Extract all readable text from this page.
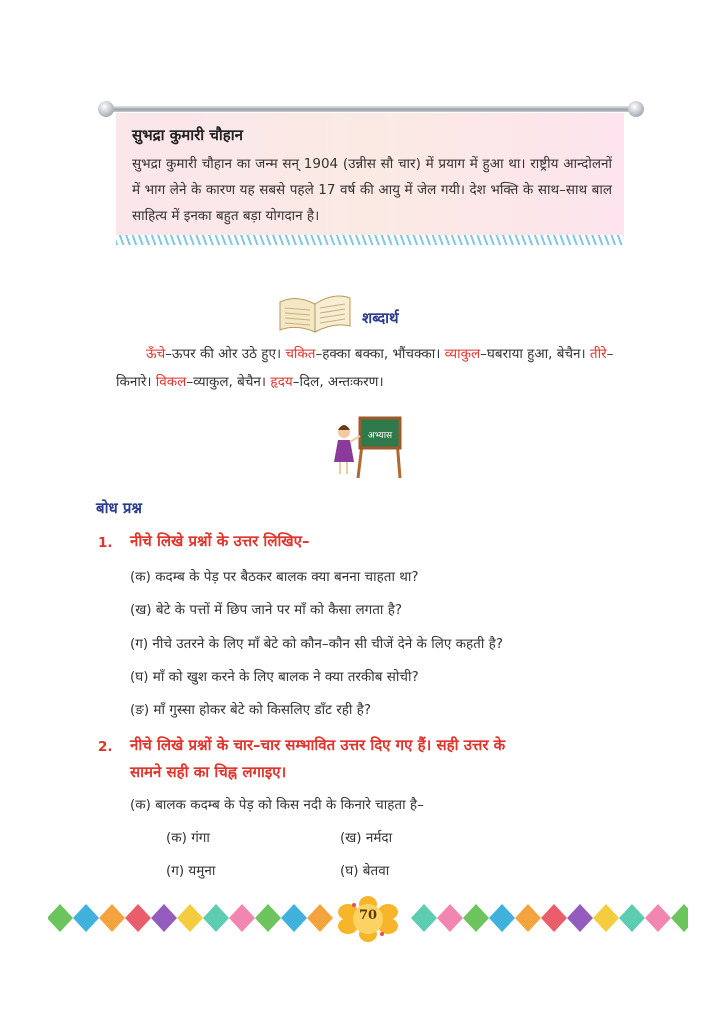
सुभद्रा कुमारी चौहान

सुभद्रा कुमारी चौहान का जन्म सन् 1904 (उन्नीस सौ चार) में प्रयाग में हुआ था। राष्ट्रीय आन्दोलनों में भाग लेने के कारण यह सबसे पहले 17 वर्ष की आयु में जेल गयी। देश भक्ति के साथ–साथ बाल साहित्य में इनका बहुत बड़ा योगदान है।

शब्दार्थ

ऊँचे–ऊपर की ओर उठे हुए। चकित–हक्का बक्का, भौंचक्का। व्याकुल–घबराया हुआ, बेचैन। तीरे–किनारे। विकल–व्याकुल, बेचैन। हृदय–दिल, अन्तःकरण।

अभ्यास
बोध प्रश्न
1. नीचे लिखे प्रश्नों के उत्तर लिखिए–
(क) कदम्ब के पेड़ पर बैठकर बालक क्या बनना चाहता था?
(ख) बेटे के पत्तों में छिप जाने पर माँ को कैसा लगता है?
(ग) नीचे उतरने के लिए माँ बेटे को कौन–कौन सी चीजें देने के लिए कहती है?
(घ) माँ को खुश करने के लिए बालक ने क्या तरकीब सोची?
(ङ) माँ गुस्सा होकर बेटे को किसलिए डाँट रही है?
2. नीचे लिखे प्रश्नों के चार–चार सम्भावित उत्तर दिए गए हैं। सही उत्तर के
सामने सही का चिह्न लगाइए।
(क) बालक कदम्ब के पेड़ को किस नदी के किनारे चाहता है–
(क) गंगा	(ख) नर्मदा
(ग) यमुना	(घ) बेतवा
70
